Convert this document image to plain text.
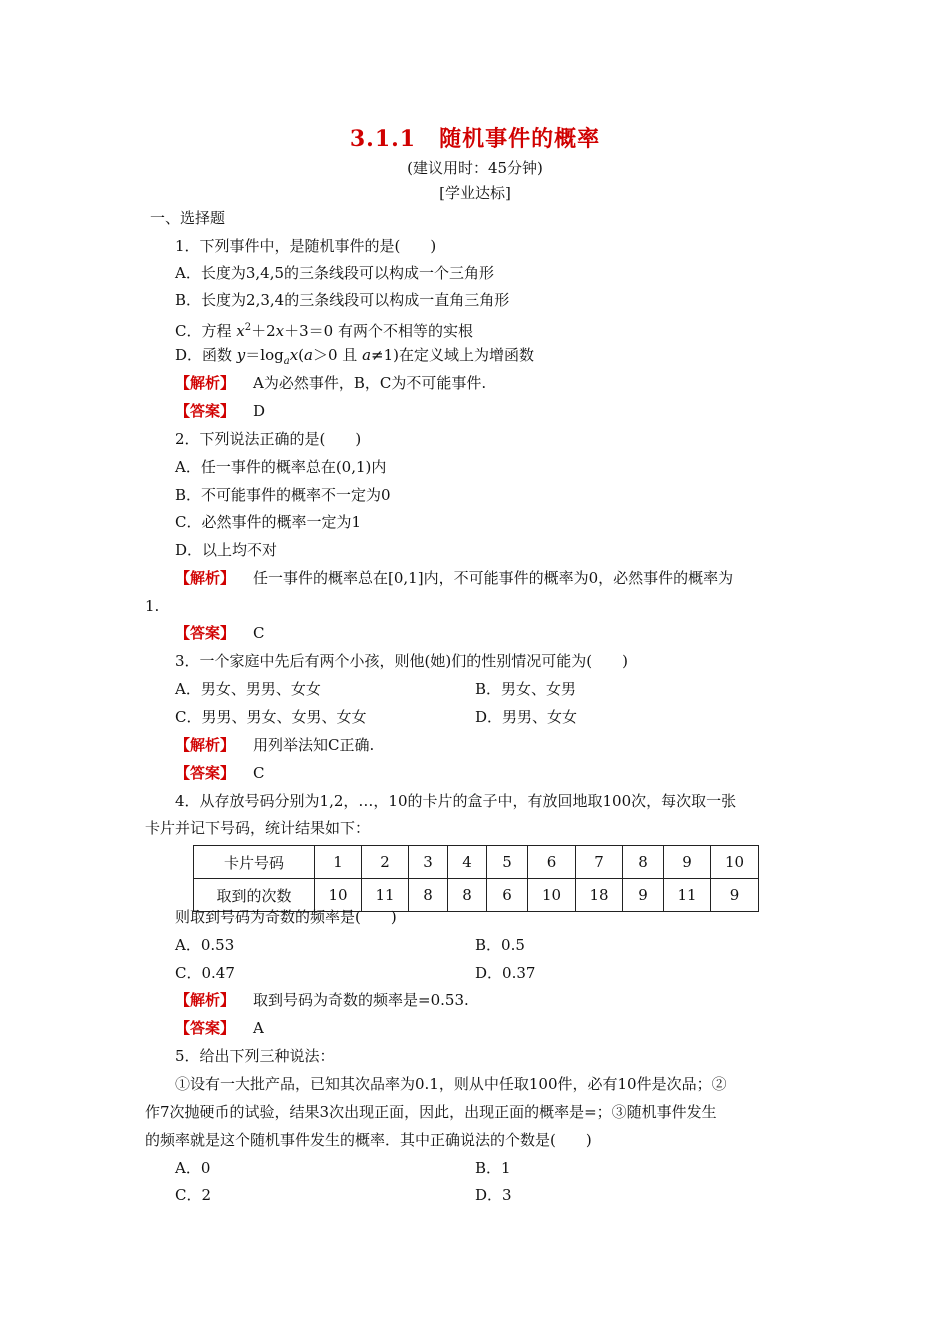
3.1.1　随机事件的概率
(建议用时：45分钟)
[学业达标]
一、选择题
1．下列事件中，是随机事件的是(　　)
A．长度为3,4,5的三条线段可以构成一个三角形
B．长度为2,3,4的三条线段可以构成一直角三角形
C．方程 $x^2+2x+3=0$ 有两个不相等的实根
D．函数 $y=\log_ax(a>0$ 且 a≠1)在定义域上为增函数
【解析】 A为必然事件，B，C为不可能事件.
【答案】 D
2．下列说法正确的是(　　)
A．任一事件的概率总在(0,1)内
B．不可能事件的概率不一定为0
C．必然事件的概率一定为1
D．以上均不对
【解析】 任一事件的概率总在[0,1]内，不可能事件的概率为0，必然事件的概率为
1.
【答案】 C
3．一个家庭中先后有两个小孩，则他(她)们的性别情况可能为(　　)
A．男女、男男、女女	B．男女、女男
C．男男、男女、女男、女女	D．男男、女女
【解析】 用列举法知C正确.
【答案】 C
4．从存放号码分别为1,2，…，10的卡片的盒子中，有放回地取100次，每次取一张
卡片并记下号码，统计结果如下：
卡片号码	1	2	3	4	5	6	7	8	9	10
取到的次数	10	11	8	8	6	10	18	9	11	9
则取到号码为奇数的频率是(　　)
A．0.53	B．0.5
C．0.47	D．0.37
【解析】 取到号码为奇数的频率是=0.53.
【答案】 A
5．给出下列三种说法：
①设有一大批产品，已知其次品率为0.1，则从中任取100件，必有10件是次品；②
作7次抛硬币的试验，结果3次出现正面，因此，出现正面的概率是=；③随机事件发生
的频率就是这个随机事件发生的概率．其中正确说法的个数是(　　)
A．0	B．1
C．2	D．3
